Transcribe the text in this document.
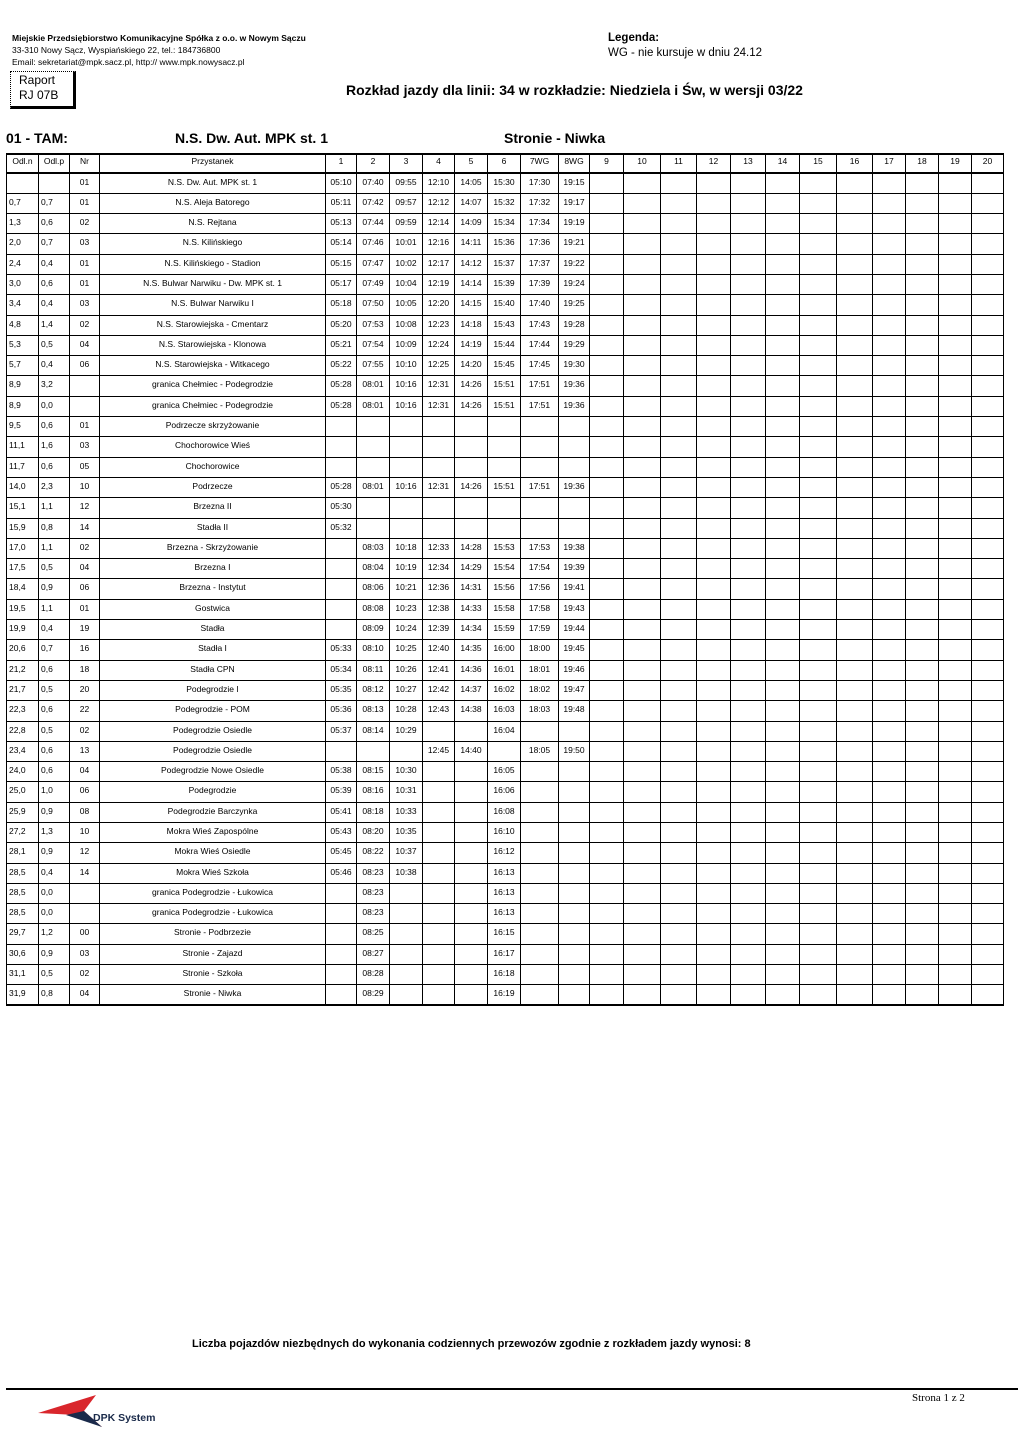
Miejskie Przedsiębiorstwo Komunikacyjne Spółka z o.o. w Nowym Sączu
33-310 Nowy Sącz, Wyspiańskiego 22, tel.: 184736800
Email: sekretariat@mpk.sacz.pl, http:// www.mpk.nowysacz.pl
Legenda:
WG - nie kursuje w dniu 24.12
Raport
RJ 07B	Rozkład jazdy dla linii: 34 w rozkładzie: Niedziela i Św, w wersji 03/22
01 - TAM:	N.S. Dw. Aut. MPK st. 1	Stronie - Niwka
Odl.n	Odl.p	Nr	Przystanek	1	2	3	4	5	6	7WG	8WG	9	10	11	12	13	14	15	16	17	18	19	20
		01	N.S. Dw. Aut. MPK st. 1	05:10	07:40	09:55	12:10	14:05	15:30	17:30	19:15												
0,7	0,7	01	N.S. Aleja Batorego	05:11	07:42	09:57	12:12	14:07	15:32	17:32	19:17												
1,3	0,6	02	N.S. Rejtana	05:13	07:44	09:59	12:14	14:09	15:34	17:34	19:19												
2,0	0,7	03	N.S. Kilińskiego	05:14	07:46	10:01	12:16	14:11	15:36	17:36	19:21												
2,4	0,4	01	N.S. Kilińskiego - Stadion	05:15	07:47	10:02	12:17	14:12	15:37	17:37	19:22												
3,0	0,6	01	N.S. Bulwar Narwiku - Dw. MPK st. 1	05:17	07:49	10:04	12:19	14:14	15:39	17:39	19:24												
3,4	0,4	03	N.S. Bulwar Narwiku I	05:18	07:50	10:05	12:20	14:15	15:40	17:40	19:25												
4,8	1,4	02	N.S. Starowiejska - Cmentarz	05:20	07:53	10:08	12:23	14:18	15:43	17:43	19:28												
5,3	0,5	04	N.S. Starowiejska - Klonowa	05:21	07:54	10:09	12:24	14:19	15:44	17:44	19:29												
5,7	0,4	06	N.S. Starowiejska - Witkacego	05:22	07:55	10:10	12:25	14:20	15:45	17:45	19:30												
8,9	3,2		granica Chełmiec - Podegrodzie	05:28	08:01	10:16	12:31	14:26	15:51	17:51	19:36												
8,9	0,0		granica Chełmiec - Podegrodzie	05:28	08:01	10:16	12:31	14:26	15:51	17:51	19:36												
9,5	0,6	01	Podrzecze skrzyżowanie																				
11,1	1,6	03	Chochorowice Wieś																				
11,7	0,6	05	Chochorowice																				
14,0	2,3	10	Podrzecze	05:28	08:01	10:16	12:31	14:26	15:51	17:51	19:36												
15,1	1,1	12	Brzezna II	05:30																			
15,9	0,8	14	Stadła II	05:32																			
17,0	1,1	02	Brzezna - Skrzyżowanie		08:03	10:18	12:33	14:28	15:53	17:53	19:38												
17,5	0,5	04	Brzezna I		08:04	10:19	12:34	14:29	15:54	17:54	19:39												
18,4	0,9	06	Brzezna - Instytut		08:06	10:21	12:36	14:31	15:56	17:56	19:41												
19,5	1,1	01	Gostwica		08:08	10:23	12:38	14:33	15:58	17:58	19:43												
19,9	0,4	19	Stadła		08:09	10:24	12:39	14:34	15:59	17:59	19:44												
20,6	0,7	16	Stadła I	05:33	08:10	10:25	12:40	14:35	16:00	18:00	19:45												
21,2	0,6	18	Stadła CPN	05:34	08:11	10:26	12:41	14:36	16:01	18:01	19:46												
21,7	0,5	20	Podegrodzie I	05:35	08:12	10:27	12:42	14:37	16:02	18:02	19:47												
22,3	0,6	22	Podegrodzie - POM	05:36	08:13	10:28	12:43	14:38	16:03	18:03	19:48												
22,8	0,5	02	Podegrodzie Osiedle	05:37	08:14	10:29			16:04														
23,4	0,6	13	Podegrodzie Osiedle				12:45	14:40		18:05	19:50												
24,0	0,6	04	Podegrodzie Nowe Osiedle	05:38	08:15	10:30			16:05														
25,0	1,0	06	Podegrodzie	05:39	08:16	10:31			16:06														
25,9	0,9	08	Podegrodzie Barczynka	05:41	08:18	10:33			16:08														
27,2	1,3	10	Mokra Wieś Zapospólne	05:43	08:20	10:35			16:10														
28,1	0,9	12	Mokra Wieś Osiedle	05:45	08:22	10:37			16:12														
28,5	0,4	14	Mokra Wieś Szkoła	05:46	08:23	10:38			16:13														
28,5	0,0		granica Podegrodzie - Łukowica		08:23				16:13														
28,5	0,0		granica Podegrodzie - Łukowica		08:23				16:13														
29,7	1,2	00	Stronie - Podbrzezie		08:25				16:15														
30,6	0,9	03	Stronie - Zajazd		08:27				16:17														
31,1	0,5	02	Stronie - Szkoła		08:28				16:18														
31,9	0,8	04	Stronie - Niwka		08:29				16:19														
Liczba pojazdów niezbędnych do wykonania codziennych przewozów zgodnie z rozkładem jazdy wynosi: 8
DPK System
Strona 1 z 2
